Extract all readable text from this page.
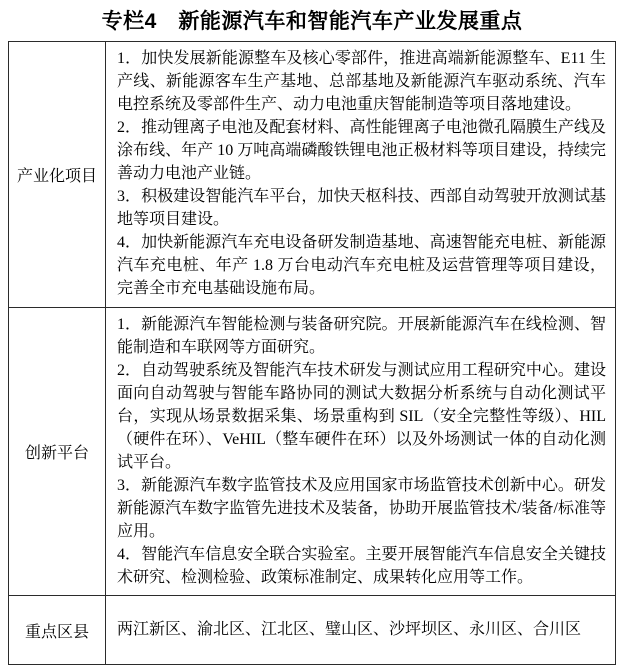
专栏4　新能源汽车和智能汽车产业发展重点
产业化项目

1．加快发展新能源整车及核心零部件，推进高端新能源整车、E11 生产线、新能源客车生产基地、总部基地及新能源汽车驱动系统、汽车电控系统及零部件生产、动力电池重庆智能制造等项目落地建设。

2．推动锂离子电池及配套材料、高性能锂离子电池微孔隔膜生产线及涂布线、年产 10 万吨高端磷酸铁锂电池正极材料等项目建设，持续完善动力电池产业链。

3．积极建设智能汽车平台，加快天枢科技、西部自动驾驶开放测试基地等项目建设。

4．加快新能源汽车充电设备研发制造基地、高速智能充电桩、新能源汽车充电桩、年产 1.8 万台电动汽车充电桩及运营管理等项目建设，完善全市充电基础设施布局。

创新平台

1．新能源汽车智能检测与装备研究院。开展新能源汽车在线检测、智能制造和车联网等方面研究。

2．自动驾驶系统及智能汽车技术研发与测试应用工程研究中心。建设面向自动驾驶与智能车路协同的测试大数据分析系统与自动化测试平台，实现从场景数据采集、场景重构到 SIL（安全完整性等级）、HIL（硬件在环）、VeHIL（整车硬件在环）以及外场测试一体的自动化测试平台。

3．新能源汽车数字监管技术及应用国家市场监管技术创新中心。研发新能源汽车数字监管先进技术及装备，协助开展监管技术/装备/标准等应用。

4．智能汽车信息安全联合实验室。主要开展智能汽车信息安全关键技术研究、检测检验、政策标准制定、成果转化应用等工作。

重点区县	两江新区、渝北区、江北区、璧山区、沙坪坝区、永川区、合川区
